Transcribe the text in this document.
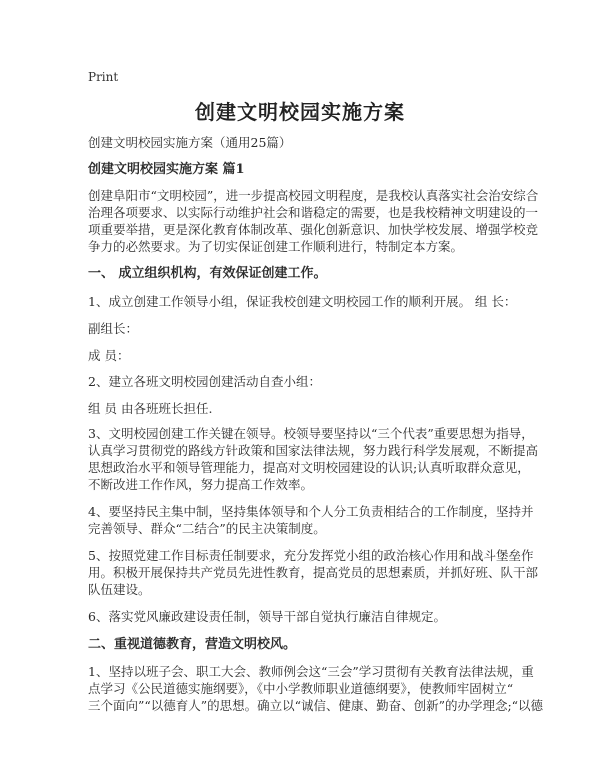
Print
创建文明校园实施方案
创建文明校园实施方案（通用25篇）
创建文明校园实施方案 篇1
创建阜阳市“文明校园”，进一步提高校园文明程度，是我校认真落实社会治安综合
治理各项要求、以实际行动维护社会和谐稳定的需要，也是我校精神文明建设的一
项重要举措，更是深化教育体制改革、强化创新意识、加快学校发展、增强学校竞
争力的必然要求。为了切实保证创建工作顺利进行，特制定本方案。
一、 成立组织机构，有效保证创建工作。
1、成立创建工作领导小组，保证我校创建文明校园工作的顺利开展。 组 长：
副组长：
成 员：
2、建立各班文明校园创建活动自查小组：
组 员 由各班班长担任.
3、文明校园创建工作关键在领导。校领导要坚持以“三个代表”重要思想为指导，
认真学习贯彻党的路线方针政策和国家法律法规，努力践行科学发展观，不断提高
思想政治水平和领导管理能力，提高对文明校园建设的认识;认真听取群众意见，
不断改进工作作风，努力提高工作效率。
4、要坚持民主集中制，坚持集体领导和个人分工负责相结合的工作制度，坚持并
完善领导、群众“二结合”的民主决策制度。
5、按照党建工作目标责任制要求，充分发挥党小组的政治核心作用和战斗堡垒作
用。积极开展保持共产党员先进性教育，提高党员的思想素质，并抓好班、队干部
队伍建设。
6、落实党风廉政建设责任制，领导干部自觉执行廉洁自律规定。
二、重视道德教育，营造文明校风。
1、坚持以班子会、职工大会、教师例会这“三会”学习贯彻有关教育法律法规，重
点学习《公民道德实施纲要》，《中小学教师职业道德纲要》，使教师牢固树立“
三个面向”“以德育人”的思想。确立以“诚信、健康、勤奋、创新”的办学理念;“以德
